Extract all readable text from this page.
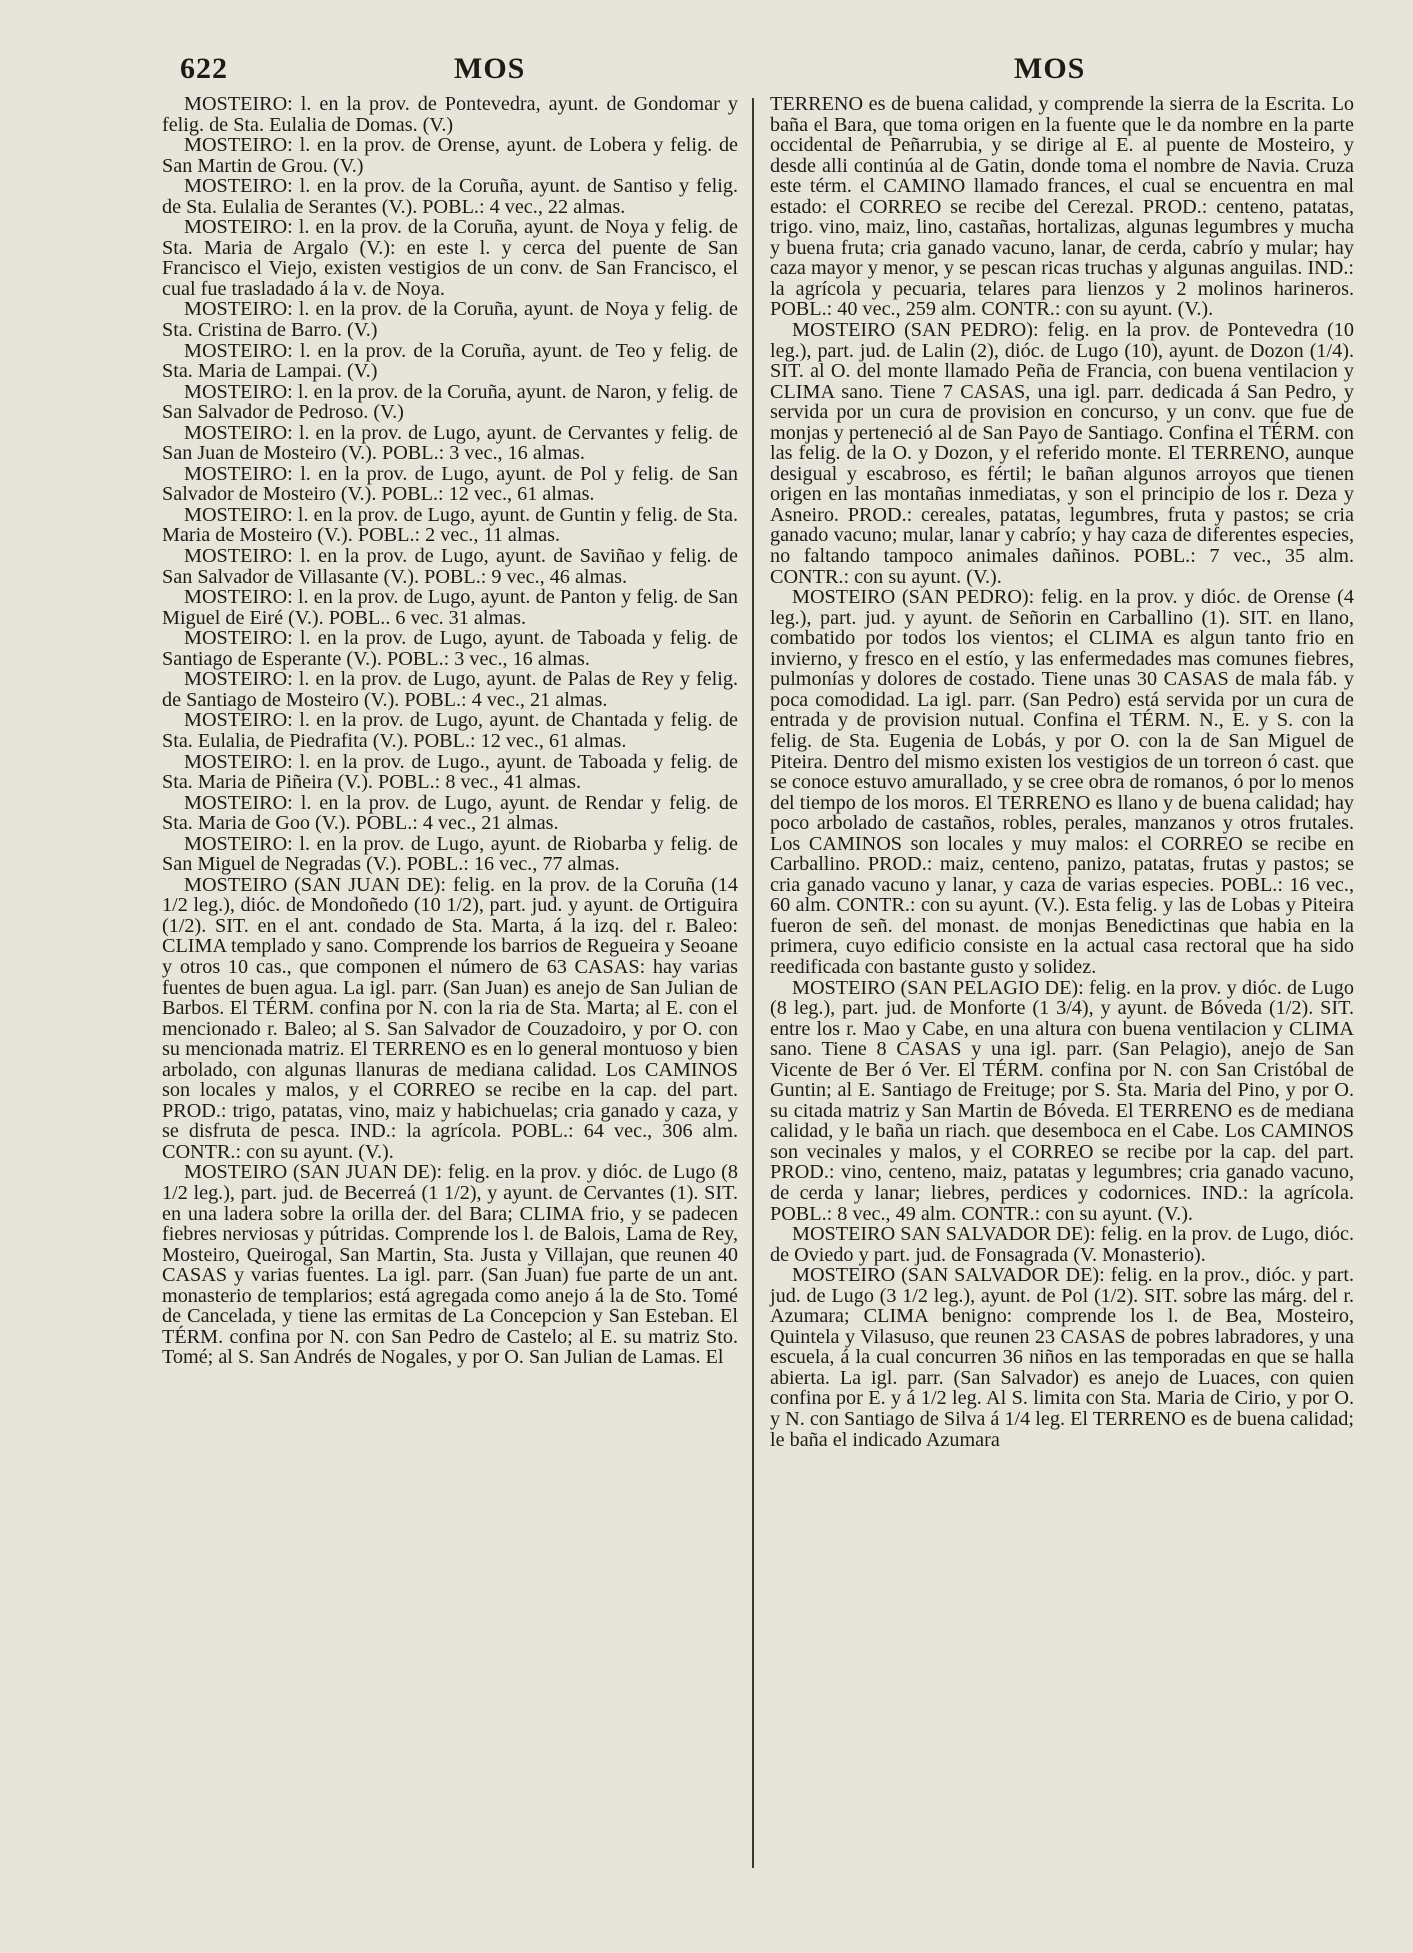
622	MOS	MOS

MOSTEIRO: l. en la prov. de Pontevedra, ayunt. de Gondomar y felig. de Sta. Eulalia de Domas. (V.)

MOSTEIRO: l. en la prov. de Orense, ayunt. de Lobera y felig. de San Martin de Grou. (V.)

MOSTEIRO: l. en la prov. de la Coruña, ayunt. de Santiso y felig. de Sta. Eulalia de Serantes (V.). POBL.: 4 vec., 22 almas.

MOSTEIRO: l. en la prov. de la Coruña, ayunt. de Noya y felig. de Sta. Maria de Argalo (V.): en este l. y cerca del puente de San Francisco el Viejo, existen vestigios de un conv. de San Francisco, el cual fue trasladado á la v. de Noya.

MOSTEIRO: l. en la prov. de la Coruña, ayunt. de Noya y felig. de Sta. Cristina de Barro. (V.)

MOSTEIRO: l. en la prov. de la Coruña, ayunt. de Teo y felig. de Sta. Maria de Lampai. (V.)

MOSTEIRO: l. en la prov. de la Coruña, ayunt. de Naron, y felig. de San Salvador de Pedroso. (V.)

MOSTEIRO: l. en la prov. de Lugo, ayunt. de Cervantes y felig. de San Juan de Mosteiro (V.). POBL.: 3 vec., 16 almas.

MOSTEIRO: l. en la prov. de Lugo, ayunt. de Pol y felig. de San Salvador de Mosteiro (V.). POBL.: 12 vec., 61 almas.

MOSTEIRO: l. en la prov. de Lugo, ayunt. de Guntin y felig. de Sta. Maria de Mosteiro (V.). POBL.: 2 vec., 11 almas.

MOSTEIRO: l. en la prov. de Lugo, ayunt. de Saviñao y felig. de San Salvador de Villasante (V.). POBL.: 9 vec., 46 almas.

MOSTEIRO: l. en la prov. de Lugo, ayunt. de Panton y felig. de San Miguel de Eiré (V.). POBL.. 6 vec. 31 almas.

MOSTEIRO: l. en la prov. de Lugo, ayunt. de Taboada y felig. de Santiago de Esperante (V.). POBL.: 3 vec., 16 almas.

MOSTEIRO: l. en la prov. de Lugo, ayunt. de Palas de Rey y felig. de Santiago de Mosteiro (V.). POBL.: 4 vec., 21 almas.

MOSTEIRO: l. en la prov. de Lugo, ayunt. de Chantada y felig. de Sta. Eulalia, de Piedrafita (V.). POBL.: 12 vec., 61 almas.

MOSTEIRO: l. en la prov. de Lugo., ayunt. de Taboada y felig. de Sta. Maria de Piñeira (V.). POBL.: 8 vec., 41 almas.

MOSTEIRO: l. en la prov. de Lugo, ayunt. de Rendar y felig. de Sta. Maria de Goo (V.). POBL.: 4 vec., 21 almas.

MOSTEIRO: l. en la prov. de Lugo, ayunt. de Riobarba y felig. de San Miguel de Negradas (V.). POBL.: 16 vec., 77 almas.

MOSTEIRO (SAN JUAN DE): felig. en la prov. de la Coruña (14 1/2 leg.), dióc. de Mondoñedo (10 1/2), part. jud. y ayunt. de Ortiguira (1/2). SIT. en el ant. condado de Sta. Marta, á la izq. del r. Baleo: CLIMA templado y sano. Comprende los barrios de Regueira y Seoane y otros 10 cas., que componen el número de 63 CASAS: hay varias fuentes de buen agua. La igl. parr. (San Juan) es anejo de San Julian de Barbos. El TÉRM. confina por N. con la ria de Sta. Marta; al E. con el mencionado r. Baleo; al S. San Salvador de Couzadoiro, y por O. con su mencionada matriz. El TERRENO es en lo general montuoso y bien arbolado, con algunas llanuras de mediana calidad. Los CAMINOS son locales y malos, y el CORREO se recibe en la cap. del part. PROD.: trigo, patatas, vino, maiz y habichuelas; cria ganado y caza, y se disfruta de pesca. IND.: la agrícola. POBL.: 64 vec., 306 alm. CONTR.: con su ayunt. (V.).

MOSTEIRO (SAN JUAN DE): felig. en la prov. y dióc. de Lugo (8 1/2 leg.), part. jud. de Becerreá (1 1/2), y ayunt. de Cervantes (1). SIT. en una ladera sobre la orilla der. del Bara; CLIMA frio, y se padecen fiebres nerviosas y pútridas. Comprende los l. de Balois, Lama de Rey, Mosteiro, Queirogal, San Martin, Sta. Justa y Villajan, que reunen 40 CASAS y varias fuentes. La igl. parr. (San Juan) fue parte de un ant. monasterio de templarios; está agregada como anejo á la de Sto. Tomé de Cancelada, y tiene las ermitas de La Concepcion y San Esteban. El TÉRM. confina por N. con San Pedro de Castelo; al E. su matriz Sto. Tomé; al S. San Andrés de Nogales, y por O. San Julian de Lamas. El

TERRENO es de buena calidad, y comprende la sierra de la Escrita. Lo baña el Bara, que toma origen en la fuente que le da nombre en la parte occidental de Peñarrubia, y se dirige al E. al puente de Mosteiro, y desde alli continúa al de Gatin, donde toma el nombre de Navia. Cruza este térm. el CAMINO llamado frances, el cual se encuentra en mal estado: el CORREO se recibe del Cerezal. PROD.: centeno, patatas, trigo. vino, maiz, lino, castañas, hortalizas, algunas legumbres y mucha y buena fruta; cria ganado vacuno, lanar, de cerda, cabrío y mular; hay caza mayor y menor, y se pescan ricas truchas y algunas anguilas. IND.: la agrícola y pecuaria, telares para lienzos y 2 molinos harineros. POBL.: 40 vec., 259 alm. CONTR.: con su ayunt. (V.).

MOSTEIRO (SAN PEDRO): felig. en la prov. de Pontevedra (10 leg.), part. jud. de Lalin (2), dióc. de Lugo (10), ayunt. de Dozon (1/4). SIT. al O. del monte llamado Peña de Francia, con buena ventilacion y CLIMA sano. Tiene 7 CASAS, una igl. parr. dedicada á San Pedro, y servida por un cura de provision en concurso, y un conv. que fue de monjas y perteneció al de San Payo de Santiago. Confina el TÉRM. con las felig. de la O. y Dozon, y el referido monte. El TERRENO, aunque desigual y escabroso, es fértil; le bañan algunos arroyos que tienen origen en las montañas inmediatas, y son el principio de los r. Deza y Asneiro. PROD.: cereales, patatas, legumbres, fruta y pastos; se cria ganado vacuno; mular, lanar y cabrío; y hay caza de diferentes especies, no faltando tampoco animales dañinos. POBL.: 7 vec., 35 alm. CONTR.: con su ayunt. (V.).

MOSTEIRO (SAN PEDRO): felig. en la prov. y dióc. de Orense (4 leg.), part. jud. y ayunt. de Señorin en Carballino (1). SIT. en llano, combatido por todos los vientos; el CLIMA es algun tanto frio en invierno, y fresco en el estío, y las enfermedades mas comunes fiebres, pulmonías y dolores de costado. Tiene unas 30 CASAS de mala fáb. y poca comodidad. La igl. parr. (San Pedro) está servida por un cura de entrada y de provision nutual. Confina el TÉRM. N., E. y S. con la felig. de Sta. Eugenia de Lobás, y por O. con la de San Miguel de Piteira. Dentro del mismo existen los vestigios de un torreon ó cast. que se conoce estuvo amurallado, y se cree obra de romanos, ó por lo menos del tiempo de los moros. El TERRENO es llano y de buena calidad; hay poco arbolado de castaños, robles, perales, manzanos y otros frutales. Los CAMINOS son locales y muy malos: el CORREO se recibe en Carballino. PROD.: maiz, centeno, panizo, patatas, frutas y pastos; se cria ganado vacuno y lanar, y caza de varias especies. POBL.: 16 vec., 60 alm. CONTR.: con su ayunt. (V.). Esta felig. y las de Lobas y Piteira fueron de señ. del monast. de monjas Benedictinas que habia en la primera, cuyo edificio consiste en la actual casa rectoral que ha sido reedificada con bastante gusto y solidez.

MOSTEIRO (SAN PELAGIO DE): felig. en la prov. y dióc. de Lugo (8 leg.), part. jud. de Monforte (1 3/4), y ayunt. de Bóveda (1/2). SIT. entre los r. Mao y Cabe, en una altura con buena ventilacion y CLIMA sano. Tiene 8 CASAS y una igl. parr. (San Pelagio), anejo de San Vicente de Ber ó Ver. El TÉRM. confina por N. con San Cristóbal de Guntin; al E. Santiago de Freituge; por S. Sta. Maria del Pino, y por O. su citada matriz y San Martin de Bóveda. El TERRENO es de mediana calidad, y le baña un riach. que desemboca en el Cabe. Los CAMINOS son vecinales y malos, y el CORREO se recibe por la cap. del part. PROD.: vino, centeno, maiz, patatas y legumbres; cria ganado vacuno, de cerda y lanar; liebres, perdices y codornices. IND.: la agrícola. POBL.: 8 vec., 49 alm. CONTR.: con su ayunt. (V.).

MOSTEIRO SAN SALVADOR DE): felig. en la prov. de Lugo, dióc. de Oviedo y part. jud. de Fonsagrada (V. Monasterio).

MOSTEIRO (SAN SALVADOR DE): felig. en la prov., dióc. y part. jud. de Lugo (3 1/2 leg.), ayunt. de Pol (1/2). SIT. sobre las márg. del r. Azumara; CLIMA benigno: comprende los l. de Bea, Mosteiro, Quintela y Vilasuso, que reunen 23 CASAS de pobres labradores, y una escuela, á la cual concurren 36 niños en las temporadas en que se halla abierta. La igl. parr. (San Salvador) es anejo de Luaces, con quien confina por E. y á 1/2 leg. Al S. limita con Sta. Maria de Cirio, y por O. y N. con Santiago de Silva á 1/4 leg. El TERRENO es de buena calidad; le baña el indicado Azumara
